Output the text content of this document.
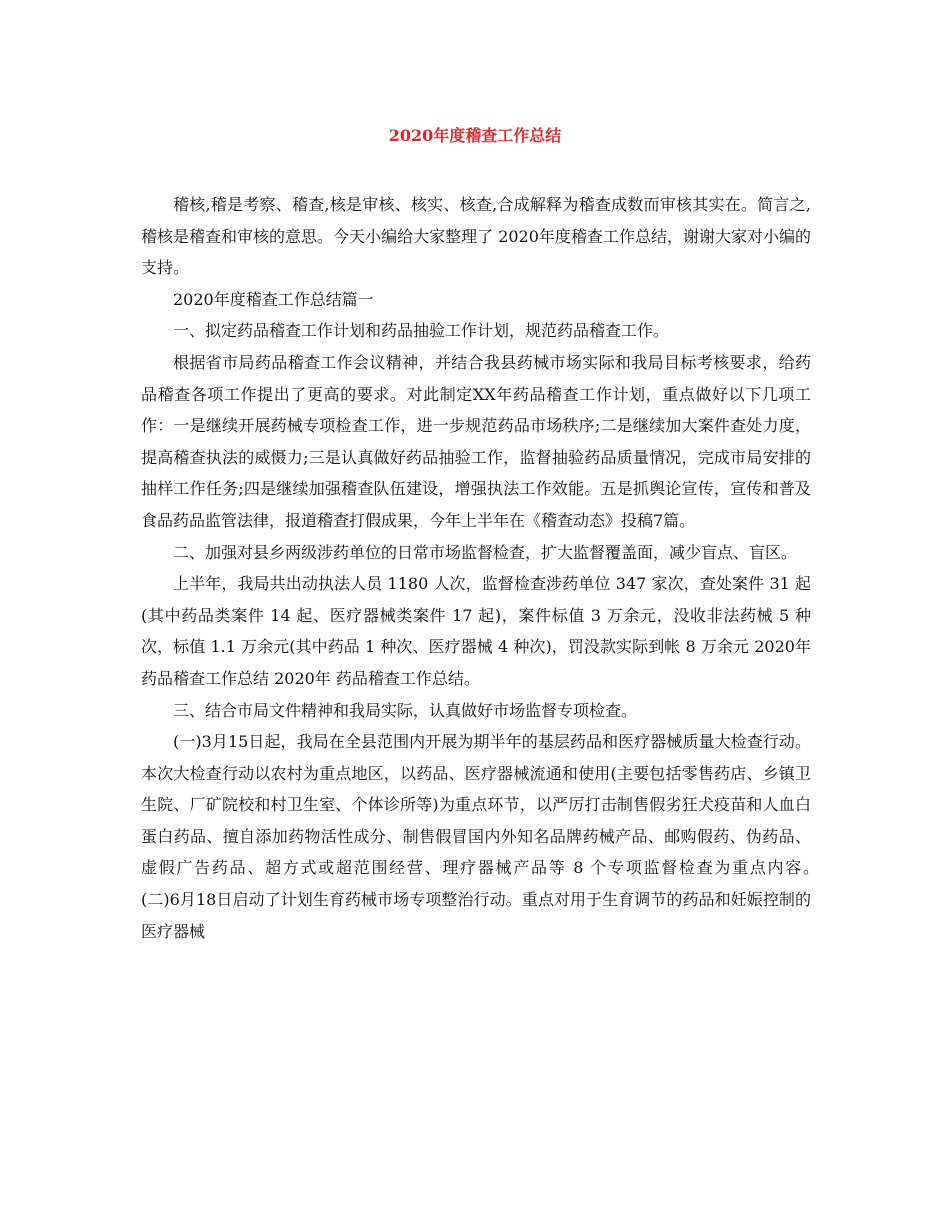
2020年度稽查工作总结

稽核,稽是考察、稽查,核是审核、核实、核查,合成解释为稽查成数而审核其实在。简言之,稽核是稽查和审核的意思。今天小编给大家整理了 2020年度稽查工作总结，谢谢大家对小编的支持。

2020年度稽查工作总结篇一

一、拟定药品稽查工作计划和药品抽验工作计划，规范药品稽查工作。

根据省市局药品稽查工作会议精神，并结合我县药械市场实际和我局目标考核要求，给药品稽查各项工作提出了更高的要求。对此制定XX年药品稽查工作计划，重点做好以下几项工作：一是继续开展药械专项检查工作，进一步规范药品市场秩序;二是继续加大案件查处力度，提高稽查执法的威慑力;三是认真做好药品抽验工作，监督抽验药品质量情况，完成市局安排的抽样工作任务;四是继续加强稽查队伍建设，增强执法工作效能。五是抓舆论宣传，宣传和普及食品药品监管法律，报道稽查打假成果，今年上半年在《稽查动态》投稿7篇。

二、加强对县乡两级涉药单位的日常市场监督检查，扩大监督覆盖面，减少盲点、盲区。

上半年，我局共出动执法人员 1180 人次，监督检查涉药单位 347 家次，查处案件 31 起(其中药品类案件 14 起、医疗器械类案件 17 起)，案件标值 3 万余元，没收非法药械 5 种次，标值 1.1 万余元(其中药品 1 种次、医疗器械 4 种次)，罚没款实际到帐 8 万余元 2020年 药品稽查工作总结 2020年 药品稽查工作总结。

三、结合市局文件精神和我局实际，认真做好市场监督专项检查。

(一)3月15日起，我局在全县范围内开展为期半年的基层药品和医疗器械质量大检查行动。本次大检查行动以农村为重点地区，以药品、医疗器械流通和使用(主要包括零售药店、乡镇卫生院、厂矿院校和村卫生室、个体诊所等)为重点环节，以严厉打击制售假劣狂犬疫苗和人血白蛋白药品、擅自添加药物活性成分、制售假冒国内外知名品牌药械产品、邮购假药、伪药品、虚假广告药品、超方式或超范围经营、理疗器械产品等 8 个专项监督检查为重点内容。　　　(二)6月18日启动了计划生育药械市场专项整治行动。重点对用于生育调节的药品和妊娠控制的医疗器械
